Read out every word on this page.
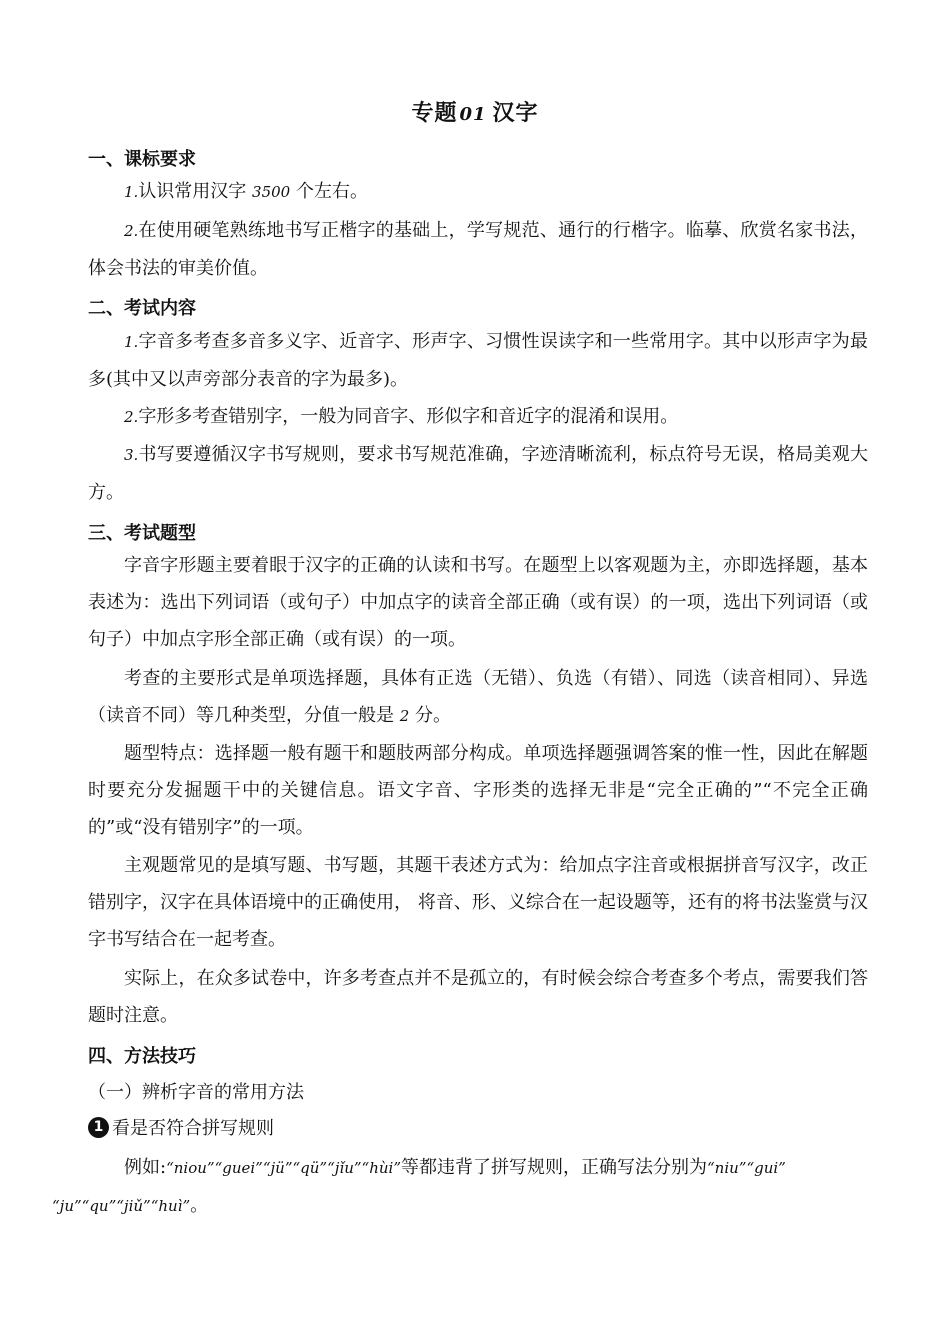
专题 01 汉字
一、课标要求
1.认识常用汉字 3500 个左右。
2.在使用硬笔熟练地书写正楷字的基础上，学写规范、通行的行楷字。临摹、欣赏名家书法，体会书法的审美价值。
二、考试内容
1.字音多考查多音多义字、近音字、形声字、习惯性误读字和一些常用字。其中以形声字为最多(其中又以声旁部分表音的字为最多)。
2.字形多考查错别字，一般为同音字、形似字和音近字的混淆和误用。
3.书写要遵循汉字书写规则，要求书写规范准确，字迹清晰流利，标点符号无误，格局美观大方。
三、考试题型
字音字形题主要着眼于汉字的正确的认读和书写。在题型上以客观题为主，亦即选择题，基本表述为：选出下列词语（或句子）中加点字的读音全部正确（或有误）的一项，选出下列词语（或句子）中加点字形全部正确（或有误）的一项。
考查的主要形式是单项选择题，具体有正选（无错）、负选（有错）、同选（读音相同）、异选（读音不同）等几种类型，分值一般是 2 分。
题型特点：选择题一般有题干和题肢两部分构成。单项选择题强调答案的惟一性，因此在解题时要充分发掘题干中的关键信息。语文字音、字形类的选择无非是“完全正确的”“不完全正确的”或“没有错别字”的一项。
主观题常见的是填写题、书写题，其题干表述方式为：给加点字注音或根据拼音写汉字，改正错别字，汉字在具体语境中的正确使用， 将音、形、义综合在一起设题等，还有的将书法鉴赏与汉字书写结合在一起考查。
实际上，在众多试卷中，许多考查点并不是孤立的，有时候会综合考查多个考点，需要我们答题时注意。
四、方法技巧
（一）辨析字音的常用方法
1 看是否符合拼写规则
例如:“niou”“guei”“jü”“qü”“jǐu”“hùi”等都违背了拼写规则，正确写法分别为“niu”“gui”
“ju”“qu”“jiǔ”“huì”。
